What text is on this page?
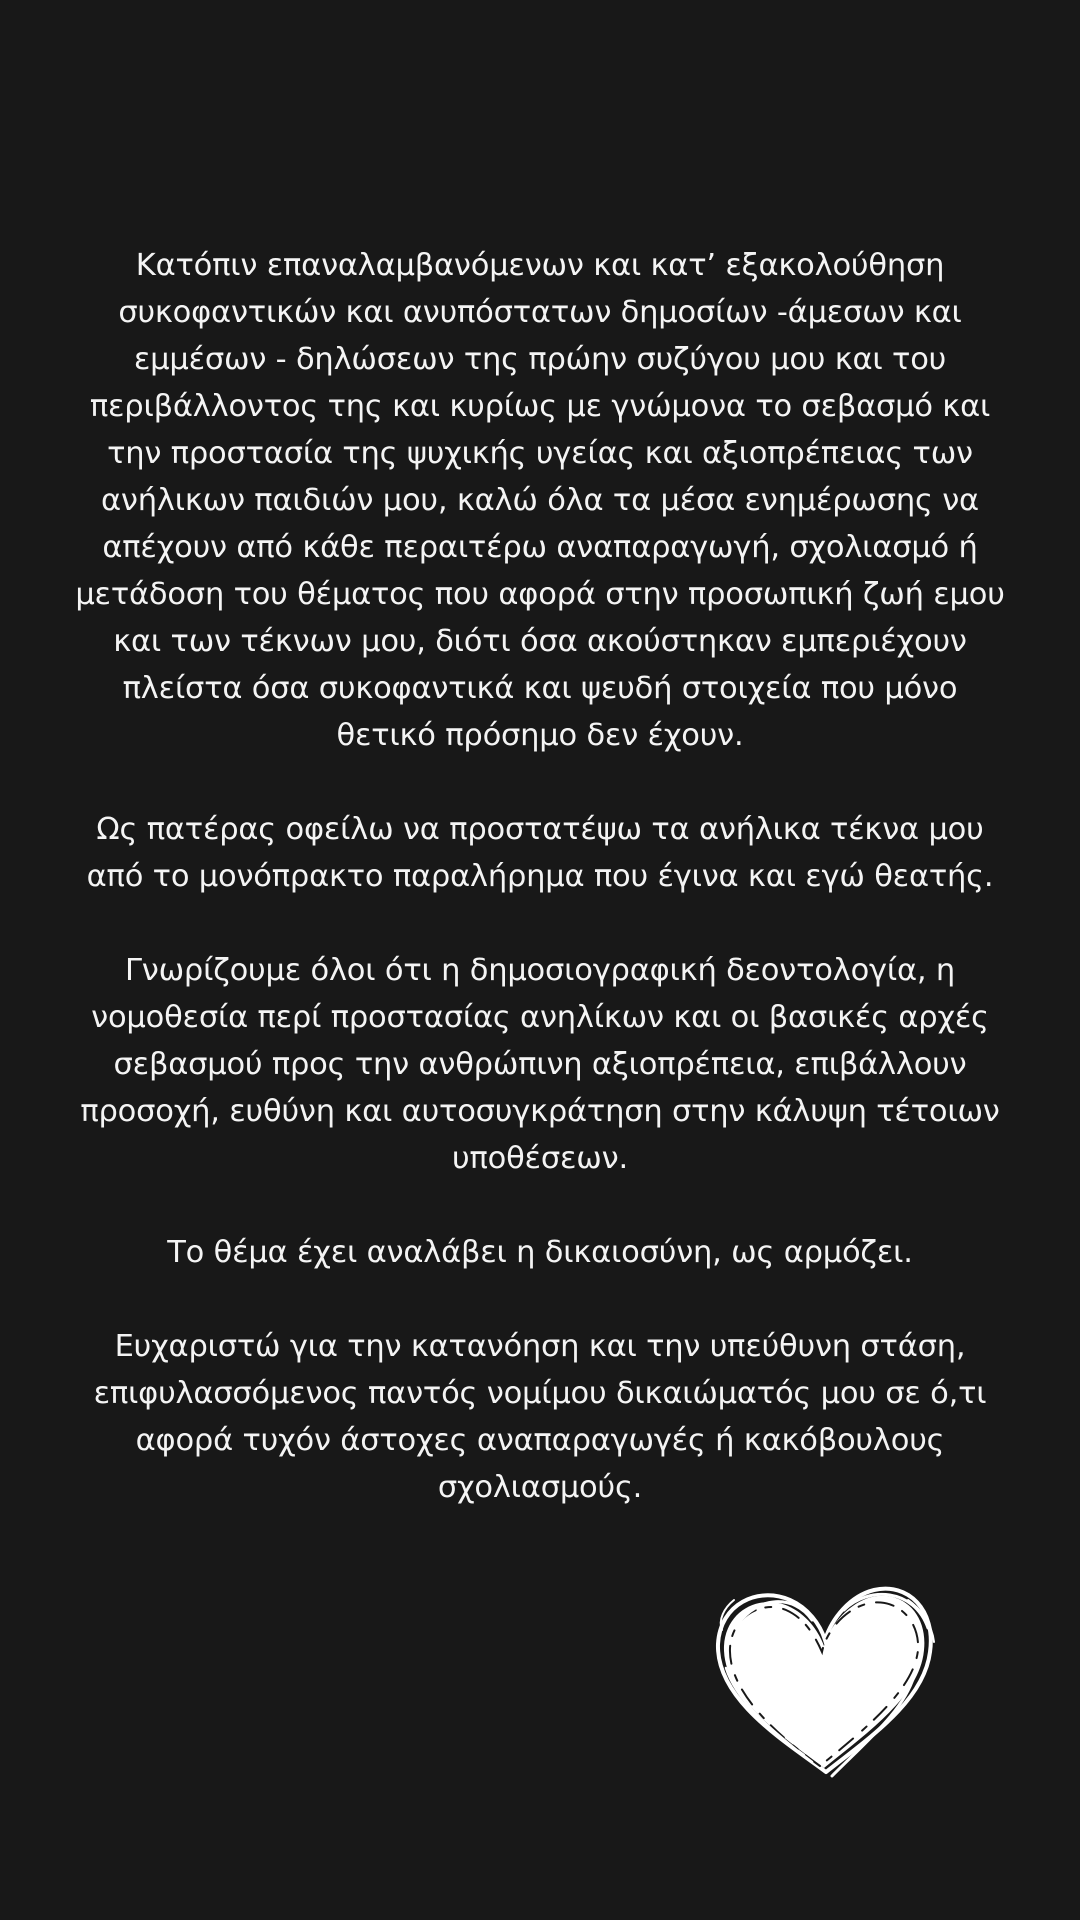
Κατόπιν επαναλαμβανόμενων και κατ’ εξακολούθηση
συκοφαντικών και ανυπόστατων δημοσίων -άμεσων και
εμμέσων - δηλώσεων της πρώην συζύγου μου και του
περιβάλλοντος της και κυρίως με γνώμονα το σεβασμό και
την προστασία της ψυχικής υγείας και αξιοπρέπειας των
ανήλικων παιδιών μου, καλώ όλα τα μέσα ενημέρωσης να
απέχουν από κάθε περαιτέρω αναπαραγωγή, σχολιασμό ή
μετάδοση του θέματος που αφορά στην προσωπική ζωή εμου
και των τέκνων μου, διότι όσα ακούστηκαν εμπεριέχουν
πλείστα όσα συκοφαντικά και ψευδή στοιχεία που μόνο
θετικό πρόσημο δεν έχουν.
Ως πατέρας οφείλω να προστατέψω τα ανήλικα τέκνα μου
από το μονόπρακτο παραλήρημα που έγινα και εγώ θεατής.
Γνωρίζουμε όλοι ότι η δημοσιογραφική δεοντολογία, η
νομοθεσία περί προστασίας ανηλίκων και οι βασικές αρχές
σεβασμού προς την ανθρώπινη αξιοπρέπεια, επιβάλλουν
προσοχή, ευθύνη και αυτοσυγκράτηση στην κάλυψη τέτοιων
υποθέσεων.
Το θέμα έχει αναλάβει η δικαιοσύνη, ως αρμόζει.
Ευχαριστώ για την κατανόηση και την υπεύθυνη στάση,
επιφυλασσόμενος παντός νομίμου δικαιώματός μου σε ό,τι
αφορά τυχόν άστοχες αναπαραγωγές ή κακόβουλους
σχολιασμούς.
